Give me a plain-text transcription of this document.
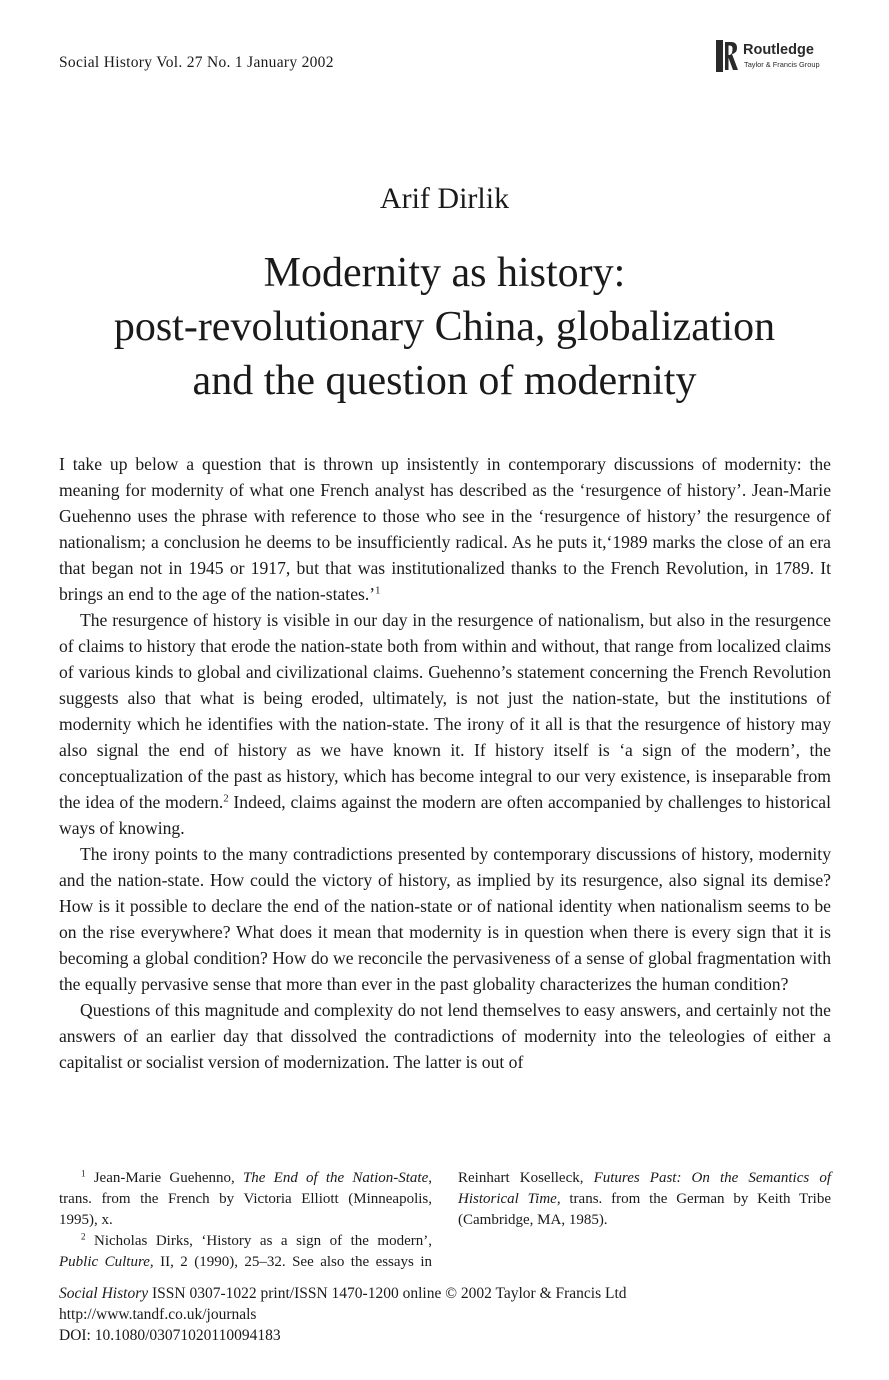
Social History Vol. 27 No. 1 January 2002
Routledge
Taylor & Francis Group
Arif Dirlik
Modernity as history:
post-revolutionary China, globalization
and the question of modernity

I take up below a question that is thrown up insistently in contemporary discussions of modernity: the meaning for modernity of what one French analyst has described as the ‘resurgence of history’. Jean-Marie Guehenno uses the phrase with reference to those who see in the ‘resurgence of history’ the resurgence of nationalism; a conclusion he deems to be insufficiently radical. As he puts it,‘1989 marks the close of an era that began not in 1945 or 1917, but that was institutionalized thanks to the French Revolution, in 1789. It brings an end to the age of the nation-states.’$^1$

The resurgence of history is visible in our day in the resurgence of nationalism, but also in the resurgence of claims to history that erode the nation-state both from within and without, that range from localized claims of various kinds to global and civilizational claims. Guehenno’s statement concerning the French Revolution suggests also that what is being eroded, ultimately, is not just the nation-state, but the institutions of modernity which he identifies with the nation-state. The irony of it all is that the resurgence of history may also signal the end of history as we have known it. If history itself is ‘a sign of the modern’, the conceptualization of the past as history, which has become integral to our very existence, is inseparable from the idea of the modern.$^2$ Indeed, claims against the modern are often accompanied by challenges to historical ways of knowing.

The irony points to the many contradictions presented by contemporary discussions of history, modernity and the nation-state. How could the victory of history, as implied by its resurgence, also signal its demise? How is it possible to declare the end of the nation-state or of national identity when nationalism seems to be on the rise everywhere? What does it mean that modernity is in question when there is every sign that it is becoming a global condition? How do we reconcile the pervasiveness of a sense of global fragmentation with the equally pervasive sense that more than ever in the past globality characterizes the human condition?

Questions of this magnitude and complexity do not lend themselves to easy answers, and certainly not the answers of an earlier day that dissolved the contradictions of modernity into the teleologies of either a capitalist or socialist version of modernization. The latter is out of

$^1$ Jean-Marie Guehenno, The End of the Nation-State, trans. from the French by Victoria Elliott (Minneapolis, 1995), x.

$^2$ Nicholas Dirks, ‘History as a sign of the modern’, Public Culture, II, 2 (1990), 25–32. See also the essays in Reinhart Koselleck, Futures Past: On the Semantics of Historical Time, trans. from the German by Keith Tribe (Cambridge, MA, 1985).

Social History ISSN 0307-1022 print/ISSN 1470-1200 online © 2002 Taylor & Francis Ltd
http://www.tandf.co.uk/journals
DOI: 10.1080/03071020110094183
